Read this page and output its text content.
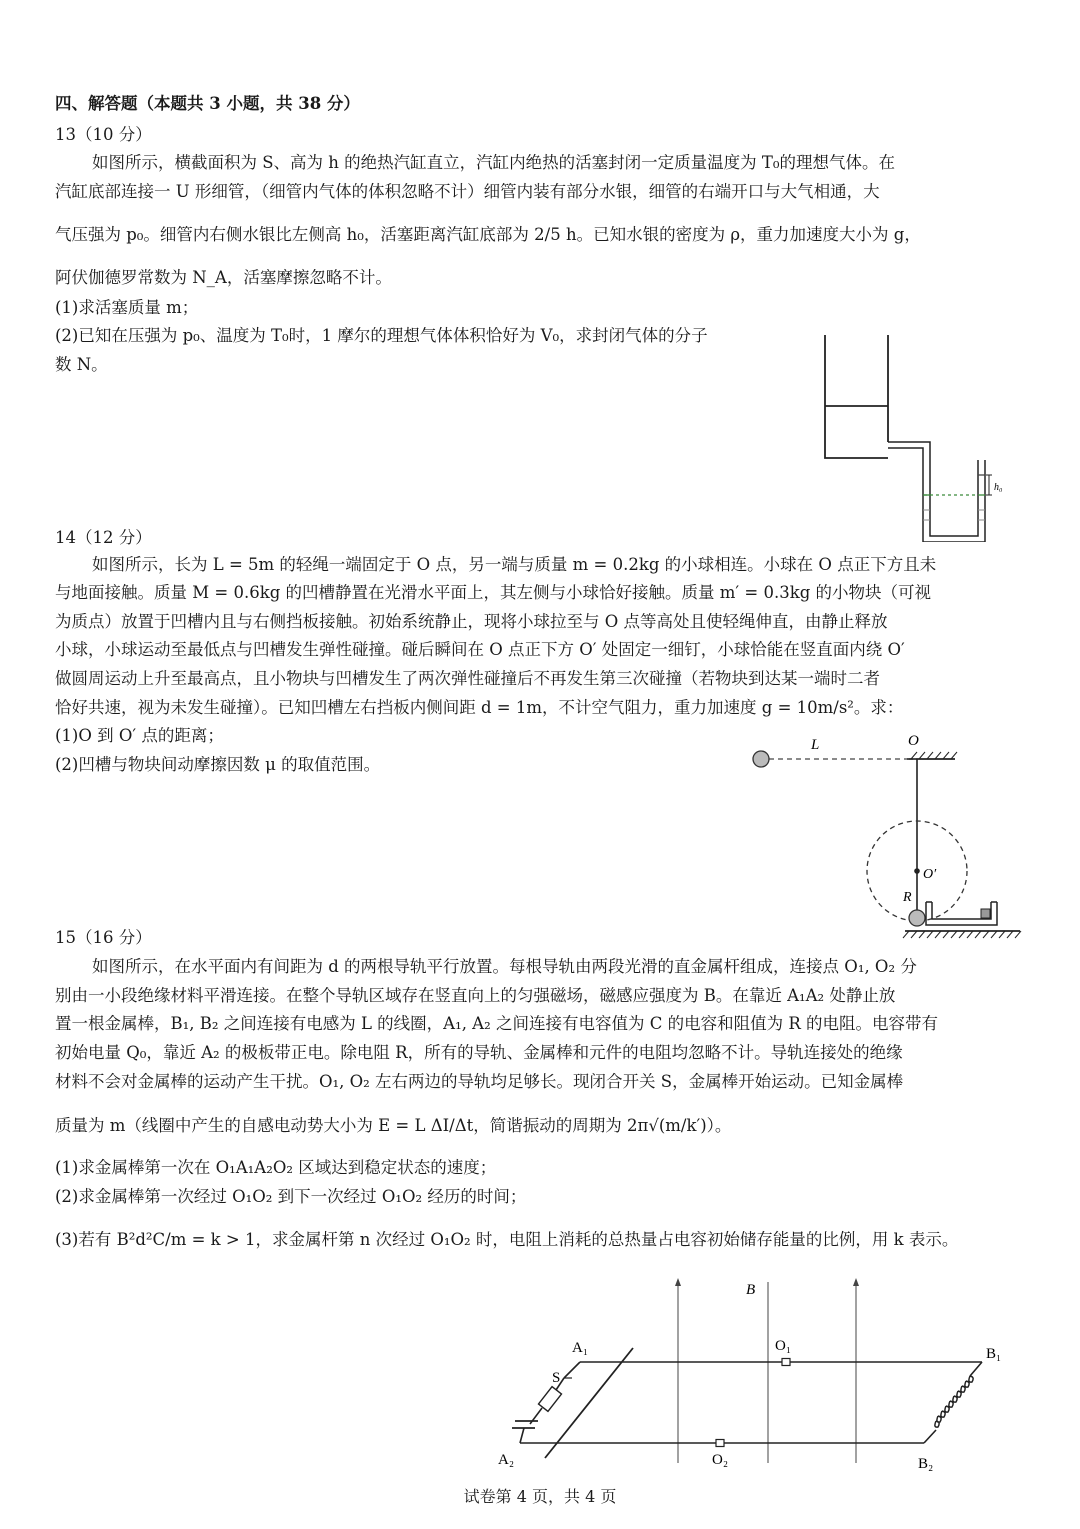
四、解答题（本题共 3 小题，共 38 分）
13（10 分）
如图所示，横截面积为 S、高为 h 的绝热汽缸直立，汽缸内绝热的活塞封闭一定质量温度为 T₀的理想气体。在
汽缸底部连接一 U 形细管，（细管内气体的体积忽略不计）细管内装有部分水银，细管的右端开口与大气相通，大
气压强为 p₀。细管内右侧水银比左侧高 h₀，活塞距离汽缸底部为 2/5 h。已知水银的密度为 ρ，重力加速度大小为 g，
阿伏伽德罗常数为 N_A，活塞摩擦忽略不计。
(1)求活塞质量 m；
(2)已知在压强为 p₀、温度为 T₀时，1 摩尔的理想气体体积恰好为 V₀，求封闭气体的分子
数 N。
h₀
14（12 分）
如图所示，长为 L = 5m 的轻绳一端固定于 O 点，另一端与质量 m = 0.2kg 的小球相连。小球在 O 点正下方且未
与地面接触。质量 M = 0.6kg 的凹槽静置在光滑水平面上，其左侧与小球恰好接触。质量 m′ = 0.3kg 的小物块（可视
为质点）放置于凹槽内且与右侧挡板接触。初始系统静止，现将小球拉至与 O 点等高处且使轻绳伸直，由静止释放
小球，小球运动至最低点与凹槽发生弹性碰撞。碰后瞬间在 O 点正下方 O′ 处固定一细钉，小球恰能在竖直面内绕 O′
做圆周运动上升至最高点，且小物块与凹槽发生了两次弹性碰撞后不再发生第三次碰撞（若物块到达某一端时二者
恰好共速，视为未发生碰撞）。已知凹槽左右挡板内侧间距 d = 1m，不计空气阻力，重力加速度 g = 10m/s²。求：
(1)O 到 O′ 点的距离；
(2)凹槽与物块间动摩擦因数 μ 的取值范围。
L	O
O′
R
15（16 分）
如图所示，在水平面内有间距为 d 的两根导轨平行放置。每根导轨由两段光滑的直金属杆组成，连接点 O₁, O₂ 分
别由一小段绝缘材料平滑连接。在整个导轨区域存在竖直向上的匀强磁场，磁感应强度为 B。在靠近 A₁A₂ 处静止放
置一根金属棒，B₁, B₂ 之间连接有电感为 L 的线圈，A₁, A₂ 之间连接有电容值为 C 的电容和阻值为 R 的电阻。电容带有
初始电量 Q₀，靠近 A₂ 的极板带正电。除电阻 R，所有的导轨、金属棒和元件的电阻均忽略不计。导轨连接处的绝缘
材料不会对金属棒的运动产生干扰。O₁, O₂ 左右两边的导轨均足够长。现闭合开关 S，金属棒开始运动。已知金属棒
质量为 m（线圈中产生的自感电动势大小为 E = L ΔI/Δt，简谐振动的周期为 2π√(m/k′)）。
(1)求金属棒第一次在 O₁A₁A₂O₂ 区域达到稳定状态的速度；
(2)求金属棒第一次经过 O₁O₂ 到下一次经过 O₁O₂ 经历的时间；
(3)若有 B²d²C/m = k > 1，求金属杆第 n 次经过 O₁O₂ 时，电阻上消耗的总热量占电容初始储存能量的比例，用 k 表示。
B
A₁
S
A₂
O₁
O₂
B₁
B₂
试卷第 4 页，共 4 页
